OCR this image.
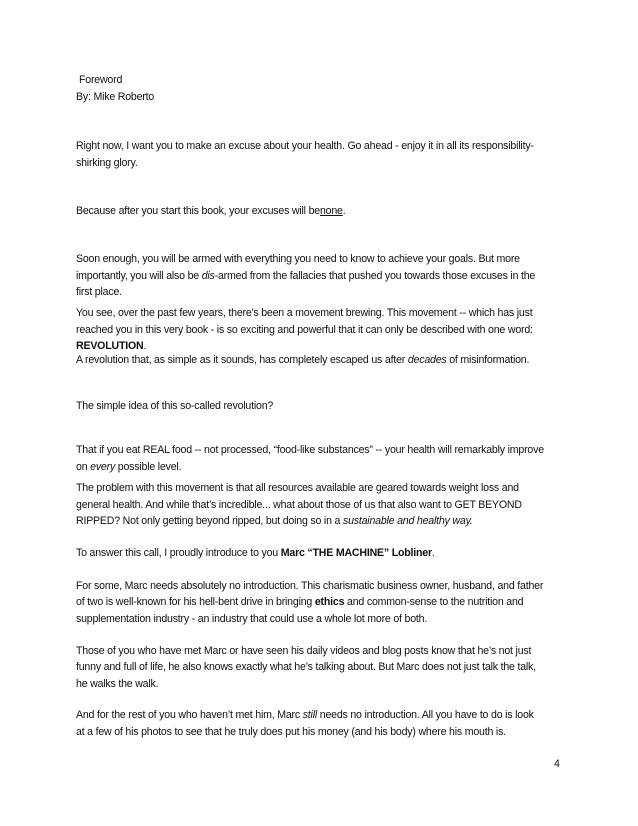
Foreword

By: Mike Roberto

Right now, I want you to make an excuse about your health. Go ahead - enjoy it in all its responsibility-

shirking glory.

Because after you start this book, your excuses will benone.

Soon enough, you will be armed with everything you need to know to achieve your goals. But more

importantly, you will also be dis-armed from the fallacies that pushed you towards those excuses in the

first place.

You see, over the past few years, there's been a movement brewing. This movement -- which has just

reached you in this very book - is so exciting and powerful that it can only be described with one word:

REVOLUTION.

A revolution that, as simple as it sounds, has completely escaped us after decades of misinformation.

The simple idea of this so-called revolution?

That if you eat REAL food -- not processed, “food-like substances” -- your health will remarkably improve

on every possible level.

The problem with this movement is that all resources available are geared towards weight loss and

general health. And while that’s incredible... what about those of us that also want to GET BEYOND

RIPPED? Not only getting beyond ripped, but doing so in a sustainable and healthy way.

To answer this call, I proudly introduce to you Marc “THE MACHINE” Lobliner.

For some, Marc needs absolutely no introduction. This charismatic business owner, husband, and father

of two is well-known for his hell-bent drive in bringing ethics and common-sense to the nutrition and

supplementation industry - an industry that could use a whole lot more of both.

Those of you who have met Marc or have seen his daily videos and blog posts know that he’s not just

funny and full of life, he also knows exactly what he’s talking about. But Marc does not just talk the talk,

he walks the walk.

And for the rest of you who haven’t met him, Marc still needs no introduction. All you have to do is look

at a few of his photos to see that he truly does put his money (and his body) where his mouth is.

4
